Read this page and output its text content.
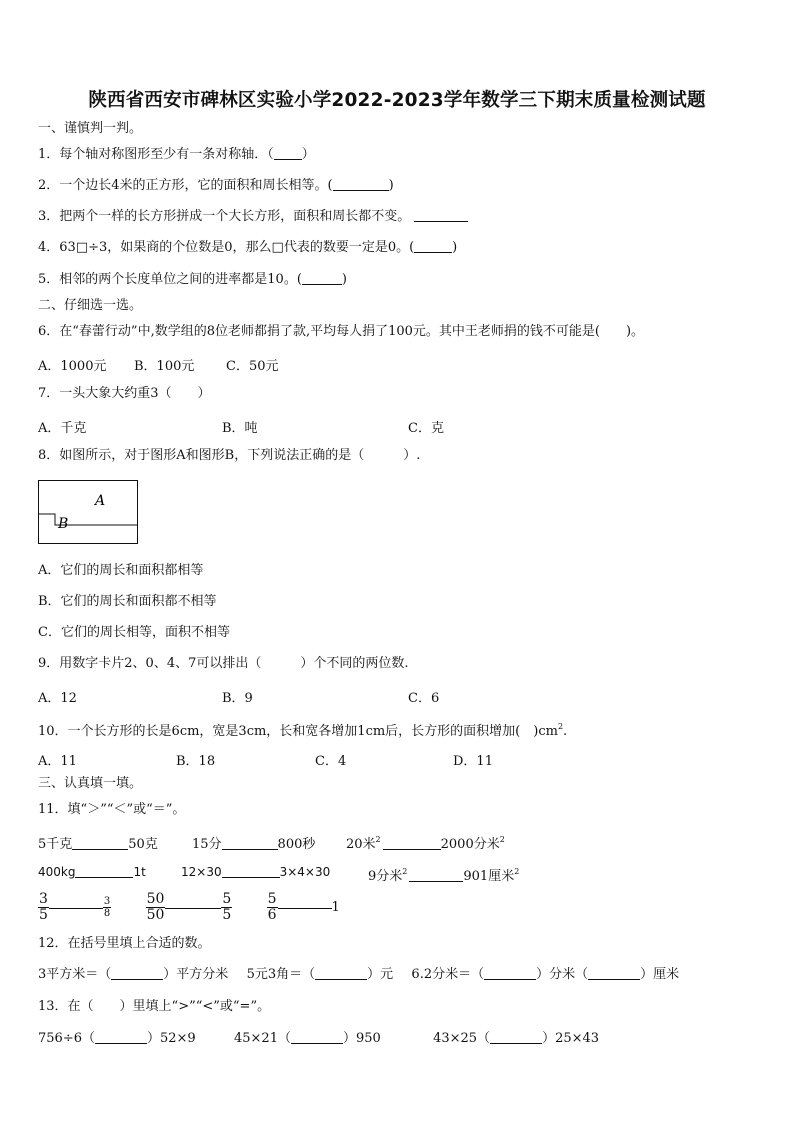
陕西省西安市碑林区实验小学2022-2023学年数学三下期末质量检测试题
一、谨慎判一判。
1．每个轴对称图形至少有一条对称轴．（ ）
2．一个边长4米的正方形，它的面积和周长相等。(	)
3．把两个一样的长方形拼成一个大长方形，面积和周长都不变。
4．63□÷3，如果商的个位数是0，那么□代表的数要一定是0。(	)
5．相邻的两个长度单位之间的进率都是10。(	)
二、仔细选一选。
6．在“春蕾行动”中,数学组的8位老师都捐了款,平均每人捐了100元。其中王老师捐的钱不可能是(　　)。
A．1000元 B．100元 C．50元
7．一头大象大约重3（　　）
A．千克	B．吨	C．克
8．如图所示，对于图形A和图形B，下列说法正确的是（　　　）.
A
B
A．它们的周长和面积都相等
B．它们的周长和面积都不相等
C．它们的周长相等，面积不相等
9．用数字卡片2、0、4、7可以排出（　　　）个不同的两位数.
A．12	B．9	C．6
10．一个长方形的长是6cm，宽是3cm，长和宽各增加1cm后，长方形的面积增加(　)$cm^2$.
A．11	B．18	C．4	D．11
三、认真填一填。
11．填“＞”“＜”或“＝”。
5千克	50克	15分	800秒 20米$^2$	2000分米$^2$
400kg	1t	12×30	3×4×30	9分米$^2$	901厘米$^2$
$\frac{3}{5}$	$\frac{3}{8}$
$\frac{50}{50}$	$\frac{5}{5}$
$\frac{5}{6}$	1
12．在括号里填上合适的数。
3平方米＝（	）平方分米 5元3角＝（	）元 6.2分米＝（	）分米（	）厘米
13．在（　　）里填上“>”“<”或“=”。
756÷6（	）52×9	45×21（	）950	43×25（	）25×43
